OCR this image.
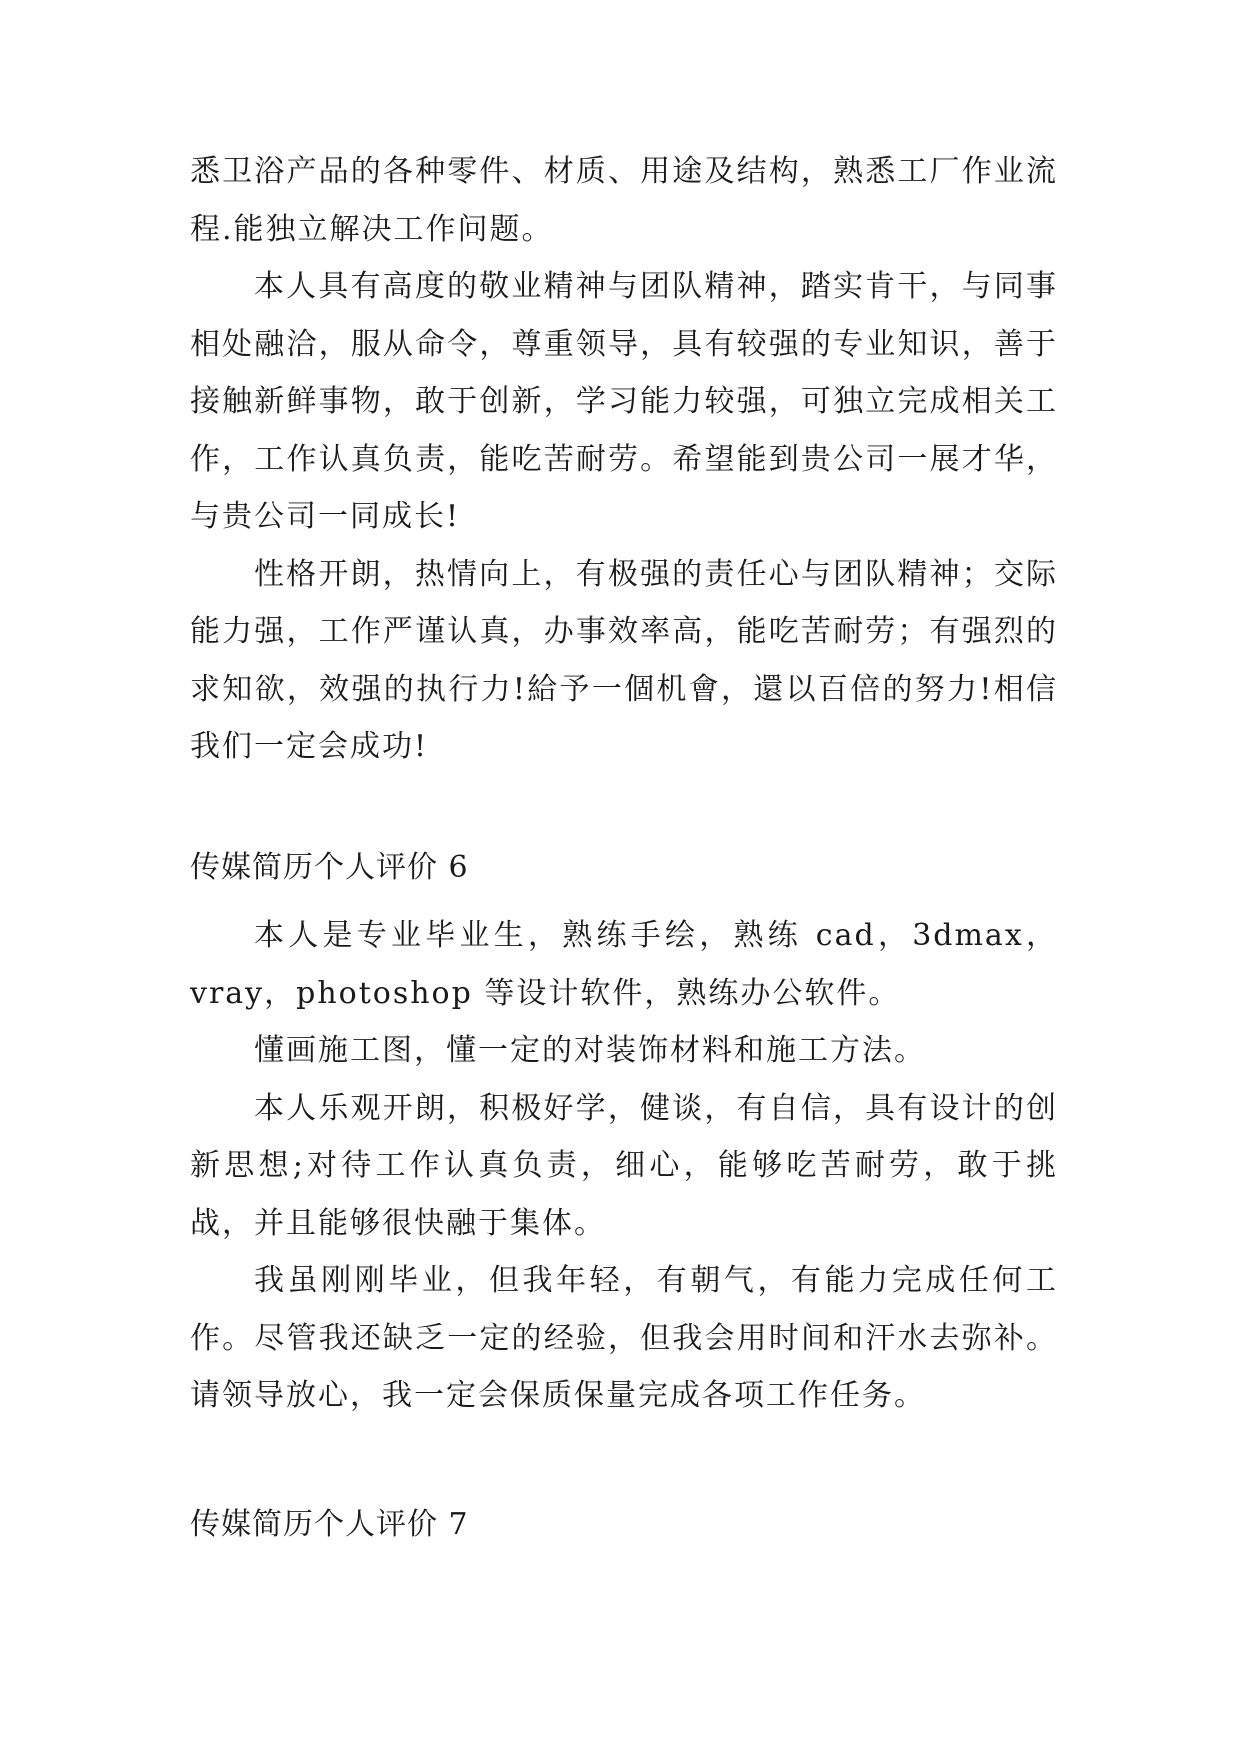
悉卫浴产品的各种零件、材质、用途及结构，熟悉工厂作业流程.能独立解决工作问题。

本人具有高度的敬业精神与团队精神，踏实肯干，与同事相处融洽，服从命令，尊重领导，具有较强的专业知识，善于接触新鲜事物，敢于创新，学习能力较强，可独立完成相关工作，工作认真负责，能吃苦耐劳。希望能到贵公司一展才华，与贵公司一同成长!

性格开朗，热情向上，有极强的责任心与团队精神；交际能力强，工作严谨认真，办事效率高，能吃苦耐劳；有强烈的求知欲，效强的执行力!給予一個机會，還以百倍的努力!相信我们一定会成功!

传媒简历个人评价 6

本人是专业毕业生，熟练手绘，熟练 cad，3dmax，vray，photoshop 等设计软件，熟练办公软件。

懂画施工图，懂一定的对装饰材料和施工方法。

本人乐观开朗，积极好学，健谈，有自信，具有设计的创新思想;对待工作认真负责，细心，能够吃苦耐劳，敢于挑战，并且能够很快融于集体。

我虽刚刚毕业，但我年轻，有朝气，有能力完成任何工作。尽管我还缺乏一定的经验，但我会用时间和汗水去弥补。请领导放心，我一定会保质保量完成各项工作任务。

传媒简历个人评价 7
